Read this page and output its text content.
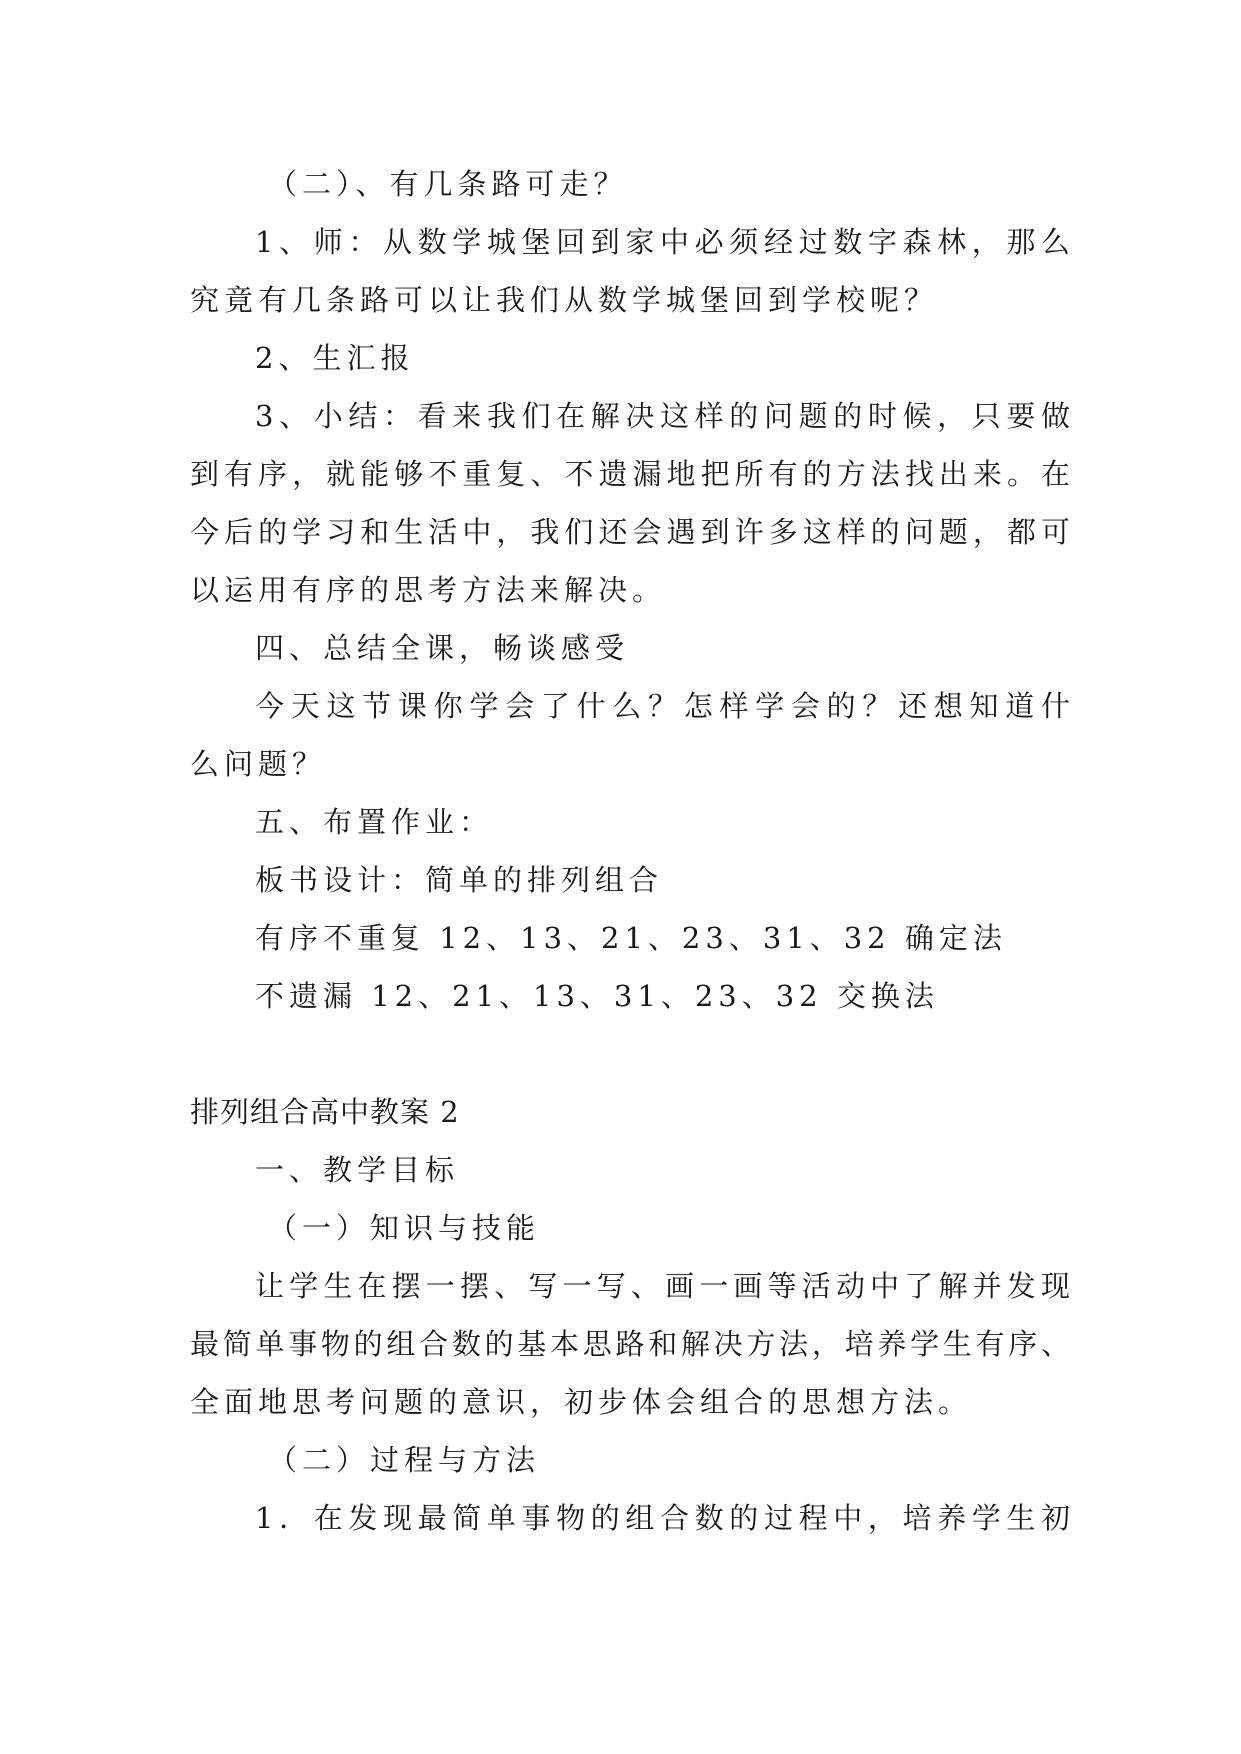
（二）、有几条路可走？
1、师：从数学城堡回到家中必须经过数字森林，那么
究竟有几条路可以让我们从数学城堡回到学校呢？
2、生汇报
3、小结：看来我们在解决这样的问题的时候，只要做
到有序，就能够不重复、不遗漏地把所有的方法找出来。在
今后的学习和生活中，我们还会遇到许多这样的问题，都可
以运用有序的思考方法来解决。
四、总结全课，畅谈感受
今天这节课你学会了什么？怎样学会的？还想知道什
么问题？
五、布置作业：
板书设计：简单的排列组合
有序不重复 12、13、21、23、31、32 确定法
不遗漏 12、21、13、31、23、32 交换法
排列组合高中教案 2
一、教学目标
（一）知识与技能
让学生在摆一摆、写一写、画一画等活动中了解并发现
最简单事物的组合数的基本思路和解决方法，培养学生有序、
全面地思考问题的意识，初步体会组合的思想方法。
（二）过程与方法
1．在发现最简单事物的组合数的过程中，培养学生初
